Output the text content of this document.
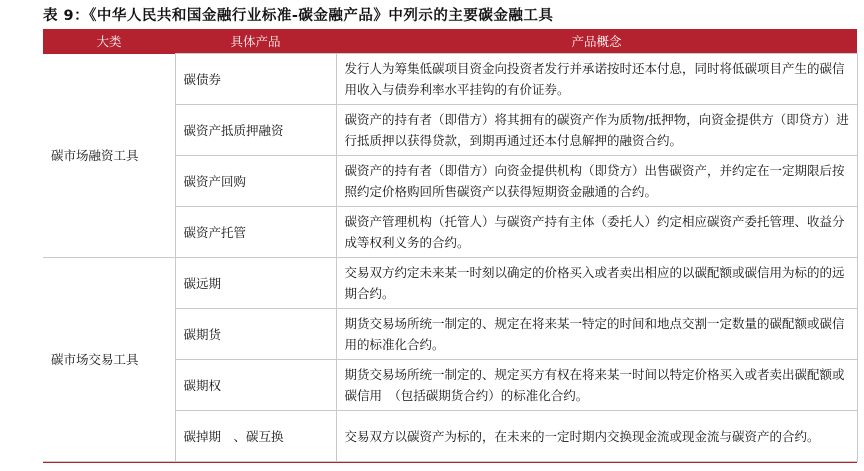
表 9：《中华人民共和国金融行业标准-碳金融产品》中列示的主要碳金融工具
大类	具体产品	产品概念
碳市场融资工具	碳债券	发行人为筹集低碳项目资金向投资者发行并承诺按时还本付息，同时将低碳项目产生的碳信用收入与债券利率水平挂钩的有价证券。
	碳资产抵质押融资	碳资产的持有者（即借方）将其拥有的碳资产作为质物/抵押物，向资金提供方（即贷方）进行抵质押以获得贷款，到期再通过还本付息解押的融资合约。
	碳资产回购	碳资产的持有者（即借方）向资金提供机构（即贷方）出售碳资产，并约定在一定期限后按照约定价格购回所售碳资产以获得短期资金融通的合约。
	碳资产托管	碳资产管理机构（托管人）与碳资产持有主体（委托人）约定相应碳资产委托管理、收益分成等权利义务的合约。
碳市场交易工具	碳远期	交易双方约定未来某一时刻以确定的价格买入或者卖出相应的以碳配额或碳信用为标的的远期合约。
	碳期货	期货交易场所统一制定的、规定在将来某一特定的时间和地点交割一定数量的碳配额或碳信用的标准化合约。
	碳期权	期货交易场所统一制定的、规定买方有权在将来某一时间以特定价格买入或者卖出碳配额或碳信用　（包括碳期货合约）的标准化合约。
	碳掉期　、碳互换	交易双方以碳资产为标的，在未来的一定时期内交换现金流或现金流与碳资产的合约。
